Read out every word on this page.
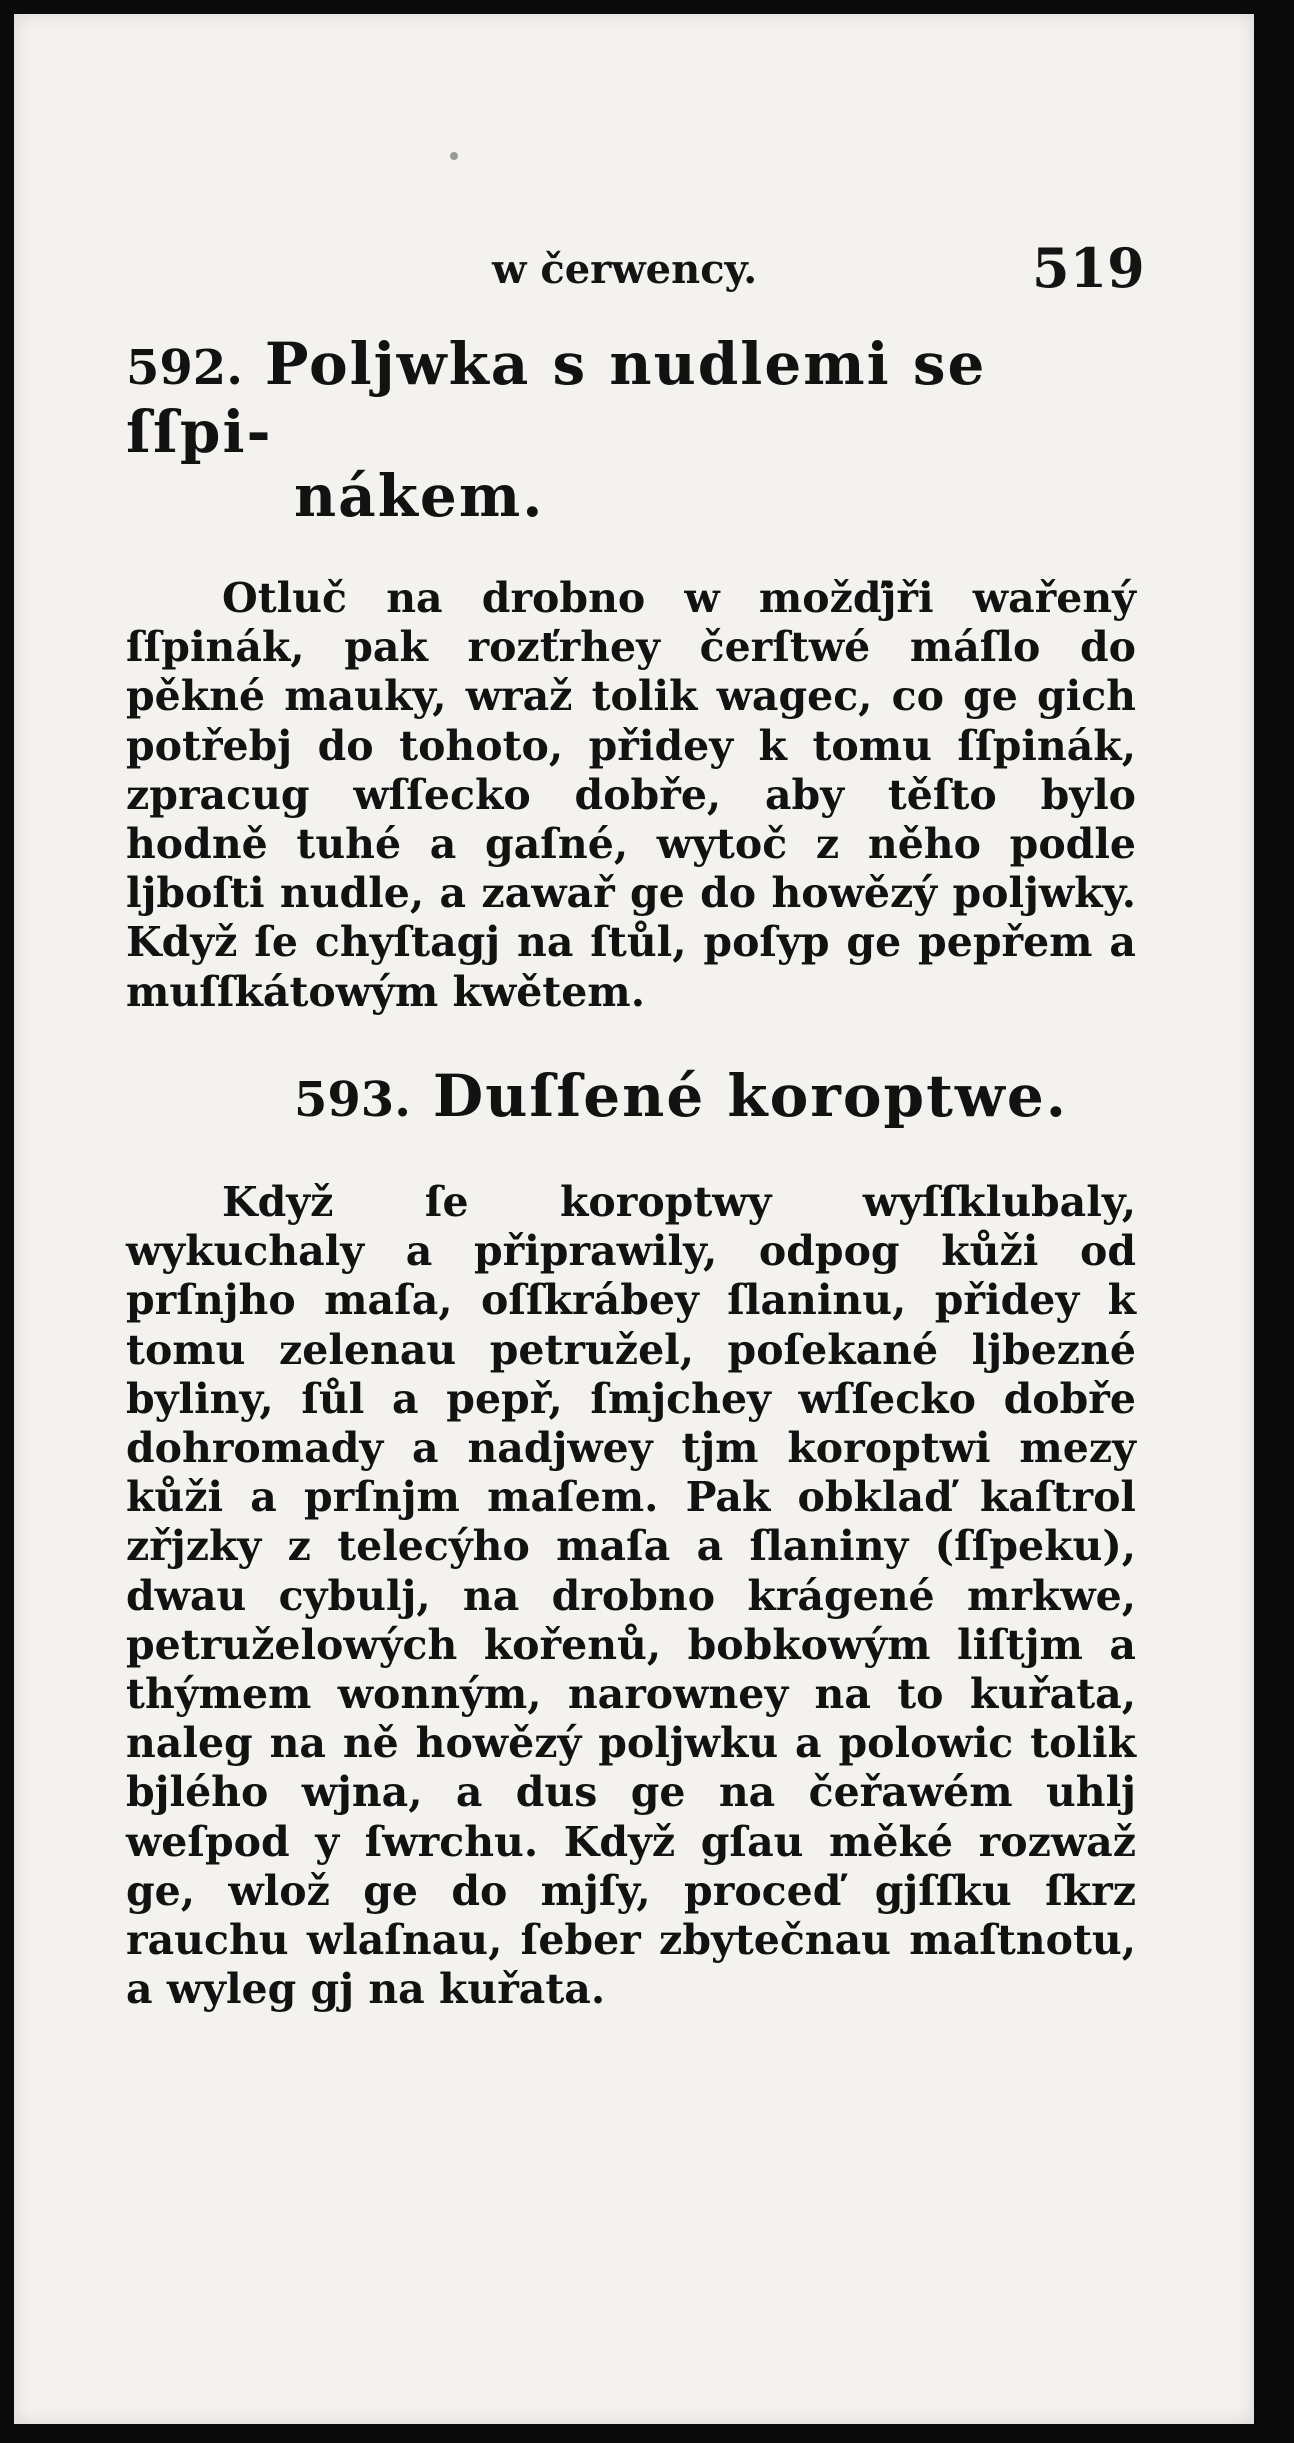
w čerwency.	519
592. Poljwka s nudlemi se ſſpi-
nákem.

Otluč na drobno w možďjři wařený ſſpinák, pak rozťrhey čerſtwé máſlo do pěkné mauky, wraž tolik wagec, co ge gich potřebj do tohoto, přidey k tomu ſſpinák, zpracug wſſecko dobře, aby těſto bylo hodně tuhé a gaſné, wytoč z něho podle ljboſti nudle, a zawař ge do howězý poljwky. Když ſe chyſtagj na ſtůl, poſyp ge pepřem a muſſkátowým kwětem.

593. Duſſené koroptwe.

Když ſe koroptwy wyſſklubaly, wykuchaly a připrawily, odpog kůži od prſnjho maſa, oſſkrábey ſlaninu, přidey k tomu zelenau petružel, poſekané ljbezné byliny, ſůl a pepř, ſmjchey wſſecko dobře dohromady a nadjwey tjm koroptwi mezy kůži a prſnjm maſem. Pak obklaď kaſtrol zřjzky z telecýho maſa a ſlaniny (ſſpeku), dwau cybulj, na drobno krágené mrkwe, petruželowých kořenů, bobkowým liſtjm a thýmem wonným, narowney na to kuřata, naleg na ně howězý poljwku a polowic tolik bjlého wjna, a dus ge na čeřawém uhlj weſpod y ſwrchu. Když gſau měké rozwaž ge, wlož ge do mjſy, proceď gjſſku ſkrz rauchu wlaſnau, ſeber zbytečnau maſtnotu, a wyleg gj na kuřata.
